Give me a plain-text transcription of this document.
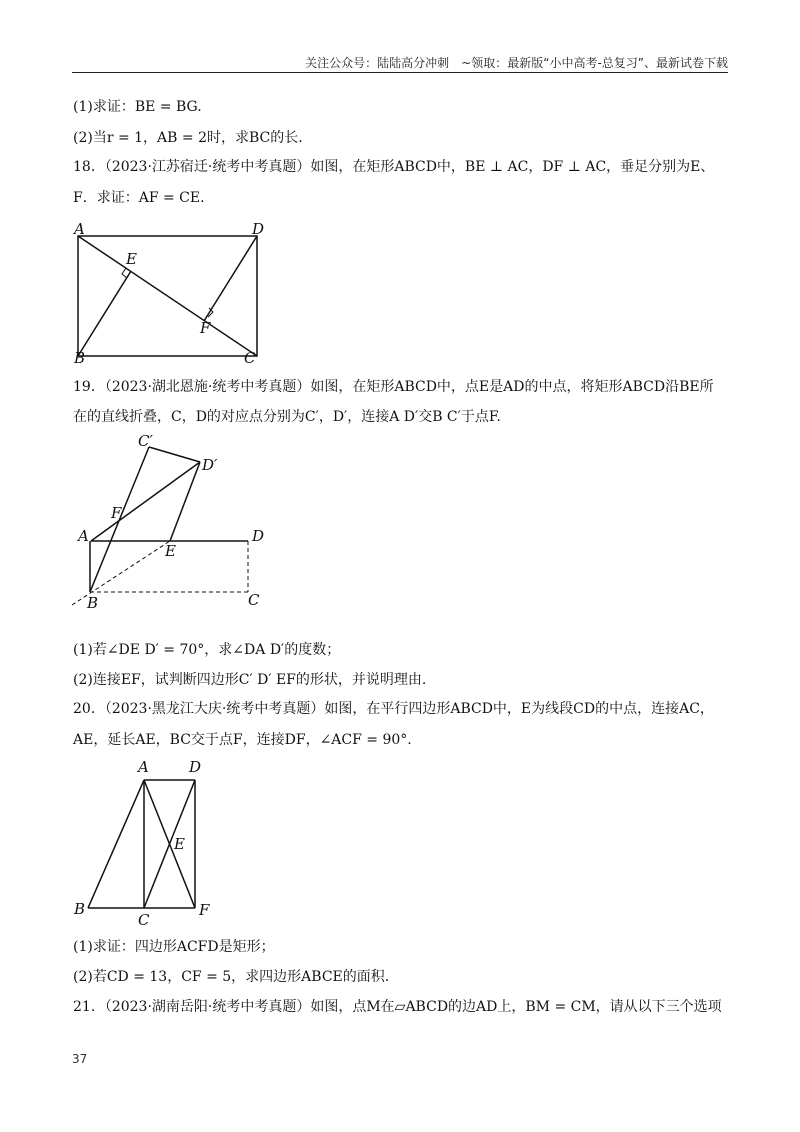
关注公众号：陆陆高分冲刺　~领取：最新版“小中高考-总复习”、最新试卷下载
(1)求证：BE = BG.
(2)当r = 1，AB = 2时，求BC的长.
18．（2023·江苏宿迁·统考中考真题）如图，在矩形ABCD中，BE ⊥ AC，DF ⊥ AC，垂足分别为E、
F．求证：AF = CE.
A	D
E
F
B	C
19．（2023·湖北恩施·统考中考真题）如图，在矩形ABCD中，点E是AD的中点，将矩形ABCD沿BE所
在的直线折叠，C，D的对应点分别为C′，D′，连接A D′交B C′于点F.
C′
D′
F
A
E
D
B	C
(1)若∠DE D′ = 70°，求∠DA D′的度数；
(2)连接EF，试判断四边形C′ D′ EF的形状，并说明理由.
20．（2023·黑龙江大庆·统考中考真题）如图，在平行四边形ABCD中，E为线段CD的中点，连接AC，
AE，延长AE，BC交于点F，连接DF，∠ACF = 90°.
A	D
E
B
C
F
(1)求证：四边形ACFD是矩形；
(2)若CD = 13，CF = 5，求四边形ABCE的面积.
21．（2023·湖南岳阳·统考中考真题）如图，点M在▱ABCD的边AD上，BM = CM，请从以下三个选项
37
